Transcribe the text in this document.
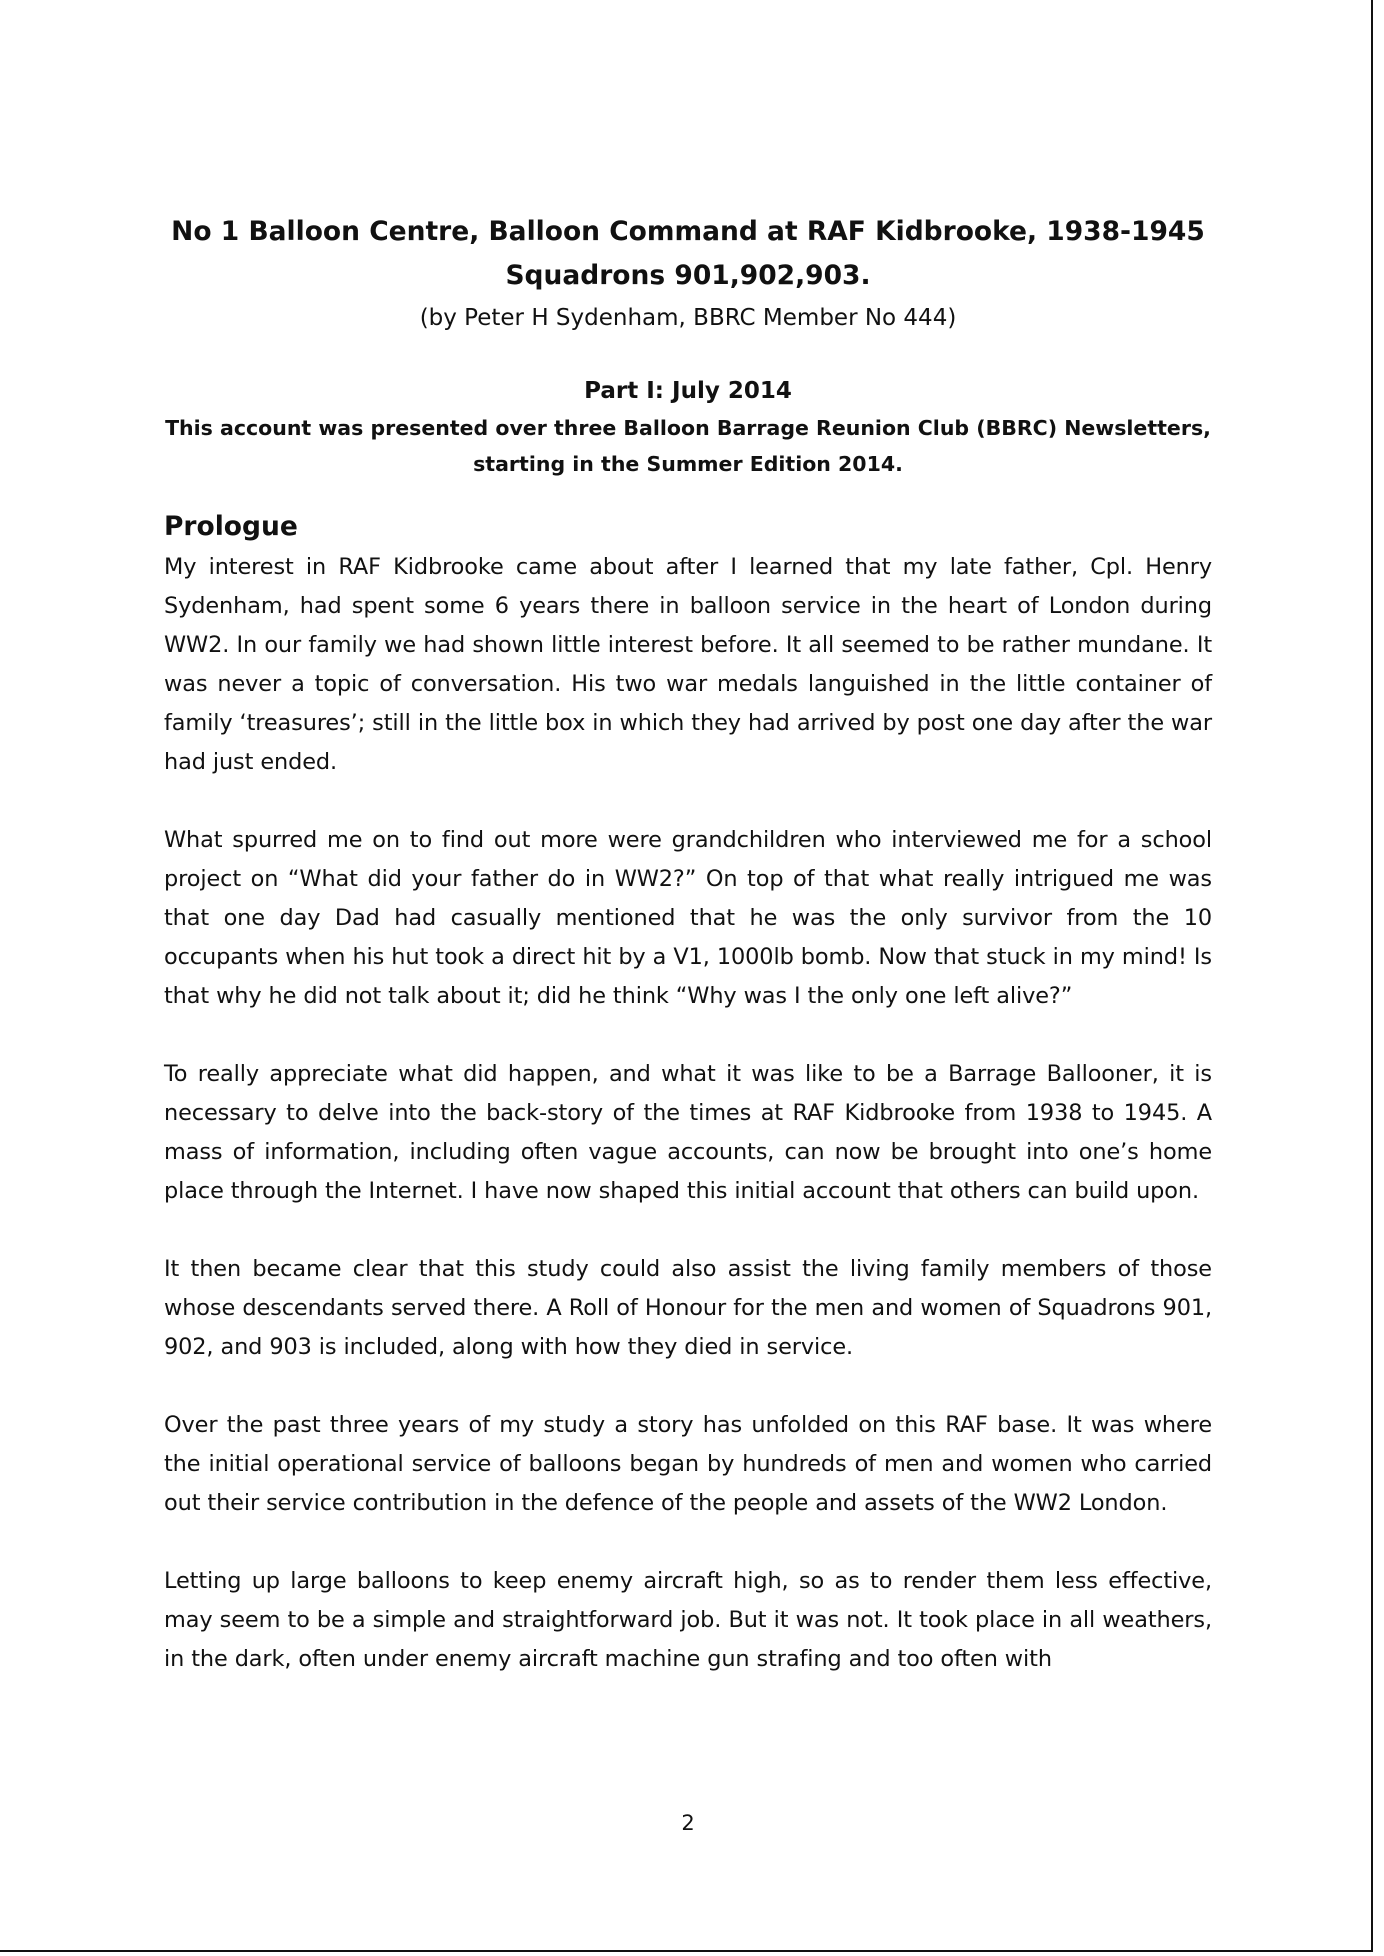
No 1 Balloon Centre, Balloon Command at RAF Kidbrooke, 1938-1945

Squadrons 901,902,903.

(by Peter H Sydenham, BBRC Member No 444)

Part I: July 2014

This account was presented over three Balloon Barrage Reunion Club (BBRC) Newsletters, starting in the Summer Edition 2014.

Prologue

My interest in RAF Kidbrooke came about after I learned that my late father, Cpl. Henry Sydenham, had spent some 6 years there in balloon service in the heart of London during WW2. In our family we had shown little interest before. It all seemed to be rather mundane. It was never a topic of conversation. His two war medals languished in the little container of family ‘treasures’; still in the little box in which they had arrived by post one day after the war had just ended.

What spurred me on to find out more were grandchildren who interviewed me for a school project on “What did your father do in WW2?” On top of that what really intrigued me was that one day Dad had casually mentioned that he was the only survivor from the 10 occupants when his hut took a direct hit by a V1, 1000lb bomb. Now that stuck in my mind! Is that why he did not talk about it; did he think “Why was I the only one left alive?”

To really appreciate what did happen, and what it was like to be a Barrage Ballooner, it is necessary to delve into the back-story of the times at RAF Kidbrooke from 1938 to 1945. A mass of information, including often vague accounts, can now be brought into one’s home place through the Internet. I have now shaped this initial account that others can build upon.

It then became clear that this study could also assist the living family members of those whose descendants served there. A Roll of Honour for the men and women of Squadrons 901, 902, and 903 is included, along with how they died in service.

Over the past three years of my study a story has unfolded on this RAF base. It was where the initial operational service of balloons began by hundreds of men and women who carried out their service contribution in the defence of the people and assets of the WW2 London.

Letting up large balloons to keep enemy aircraft high, so as to render them less effective, may seem to be a simple and straightforward job. But it was not. It took place in all weathers, in the dark, often under enemy aircraft machine gun strafing and too often with

2
